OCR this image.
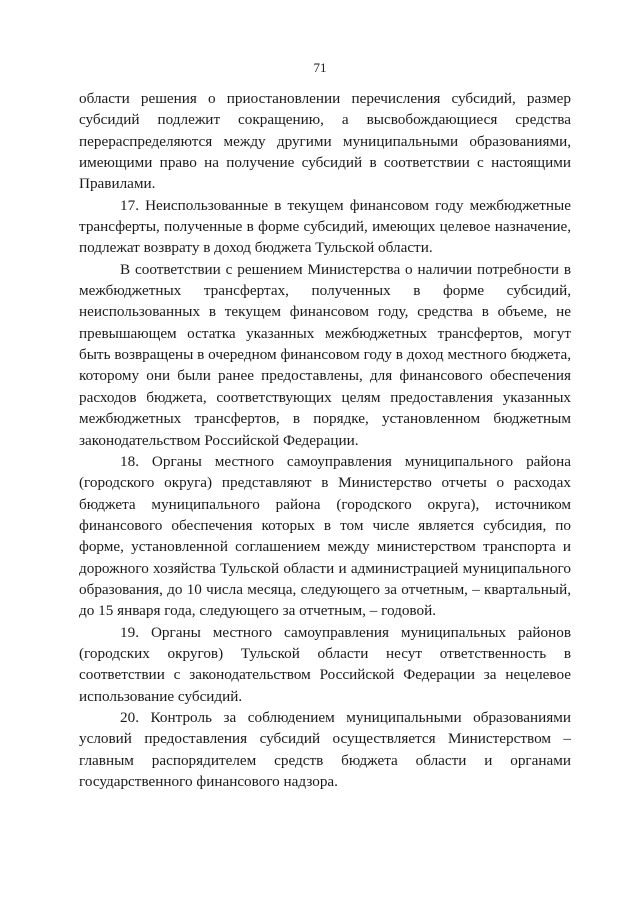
71

области решения о приостановлении перечисления субсидий, размер субсидий подлежит сокращению, а высвобождающиеся средства перераспределяются между другими муниципальными образованиями, имеющими право на получение субсидий в соответствии с настоящими Правилами.

17. Неиспользованные в текущем финансовом году межбюджетные трансферты, полученные в форме субсидий, имеющих целевое назначение, подлежат возврату в доход бюджета Тульской области.

В соответствии с решением Министерства о наличии потребности в межбюджетных трансфертах, полученных в форме субсидий, неиспользованных в текущем финансовом году, средства в объеме, не превышающем остатка указанных межбюджетных трансфертов, могут быть возвращены в очередном финансовом году в доход местного бюджета, которому они были ранее предоставлены, для финансового обеспечения расходов бюджета, соответствующих целям предоставления указанных межбюджетных трансфертов, в порядке, установленном бюджетным законодательством Российской Федерации.

18. Органы местного самоуправления муниципального района (городского округа) представляют в Министерство отчеты о расходах бюджета муниципального района (городского округа), источником финансового обеспечения которых в том числе является субсидия, по форме, установленной соглашением между министерством транспорта и дорожного хозяйства Тульской области и администрацией муниципального образования, до 10 числа месяца, следующего за отчетным, – квартальный, до 15 января года, следующего за отчетным, – годовой.

19. Органы местного самоуправления муниципальных районов (городских округов) Тульской области несут ответственность в соответствии с законодательством Российской Федерации за нецелевое использование субсидий.

20. Контроль за соблюдением муниципальными образованиями условий предоставления субсидий осуществляется Министерством – главным распорядителем средств бюджета области и органами государственного финансового надзора.
